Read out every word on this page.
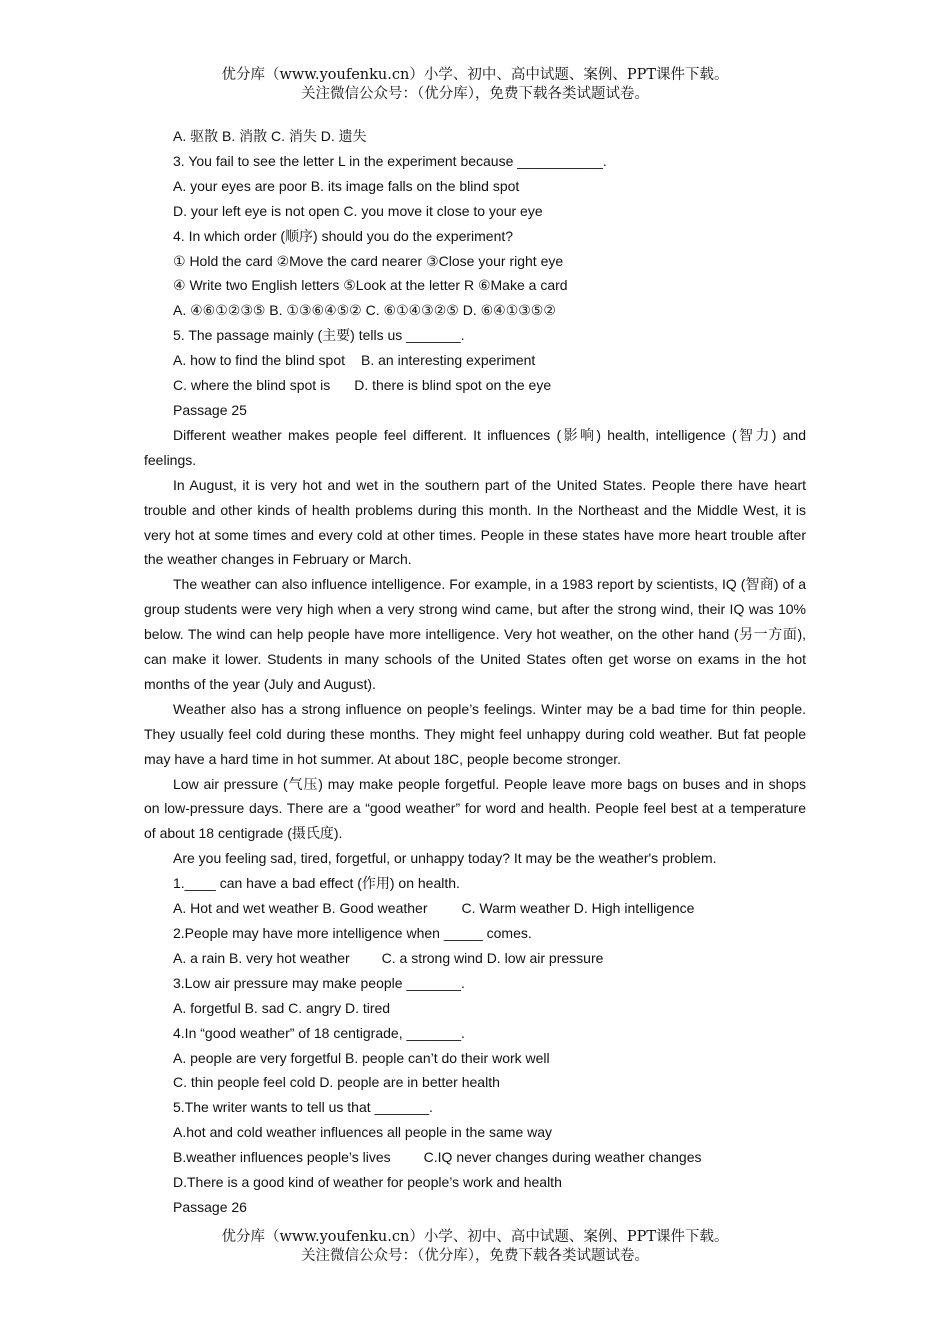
优分库（www.youfenku.cn）小学、初中、高中试题、案例、PPT课件下载。
关注微信公众号：（优分库），免费下载各类试题试卷。
A. 驱散 B. 消散 C. 消失 D. 遗失
3. You fail to see the letter L in the experiment because ___________.
A. your eyes are poor B. its image falls on the blind spot
D. your left eye is not open C. you move it close to your eye
4. In which order (顺序) should you do the experiment?
① Hold the card ②Move the card nearer ③Close your right eye
④ Write two English letters ⑤Look at the letter R ⑥Make a card
A. ④⑥①②③⑤ B. ①③⑥④⑤② C. ⑥①④③②⑤ D. ⑥④①③⑤②
5. The passage mainly (主要) tells us _______.
A. how to find the blind spot B. an interesting experiment
C. where the blind spot is D. there is blind spot on the eye
Passage 25
Different weather makes people feel different. It influences (影响) health, intelligence (智力) and feelings.
In August, it is very hot and wet in the southern part of the United States. People there have heart trouble and other kinds of health problems during this month. In the Northeast and the Middle West, it is very hot at some times and every cold at other times. People in these states have more heart trouble after the weather changes in February or March.
The weather can also influence intelligence. For example, in a 1983 report by scientists, IQ (智商) of a group students were very high when a very strong wind came, but after the strong wind, their IQ was 10% below. The wind can help people have more intelligence. Very hot weather, on the other hand (另一方面), can make it lower. Students in many schools of the United States often get worse on exams in the hot months of the year (July and August).
Weather also has a strong influence on people’s feelings. Winter may be a bad time for thin people. They usually feel cold during these months. They might feel unhappy during cold weather. But fat people may have a hard time in hot summer. At about 18C, people become stronger.
Low air pressure (气压) may make people forgetful. People leave more bags on buses and in shops on low-pressure days. There are a “good weather” for word and health. People feel best at a temperature of about 18 centigrade (摄氏度).
Are you feeling sad, tired, forgetful, or unhappy today? It may be the weather's problem.
1.____ can have a bad effect (作用) on health.
A. Hot and wet weather B. Good weather C. Warm weather D. High intelligence
2.People may have more intelligence when _____ comes.
A. a rain B. very hot weather C. a strong wind D. low air pressure
3.Low air pressure may make people _______.
A. forgetful B. sad C. angry D. tired
4.In “good weather” of 18 centigrade, _______.
A. people are very forgetful B. people can’t do their work well
C. thin people feel cold D. people are in better health
5.The writer wants to tell us that _______.
A.hot and cold weather influences all people in the same way
B.weather influences people’s lives C.IQ never changes during weather changes
D.There is a good kind of weather for people’s work and health
Passage 26
优分库（www.youfenku.cn）小学、初中、高中试题、案例、PPT课件下载。
关注微信公众号：（优分库），免费下载各类试题试卷。
